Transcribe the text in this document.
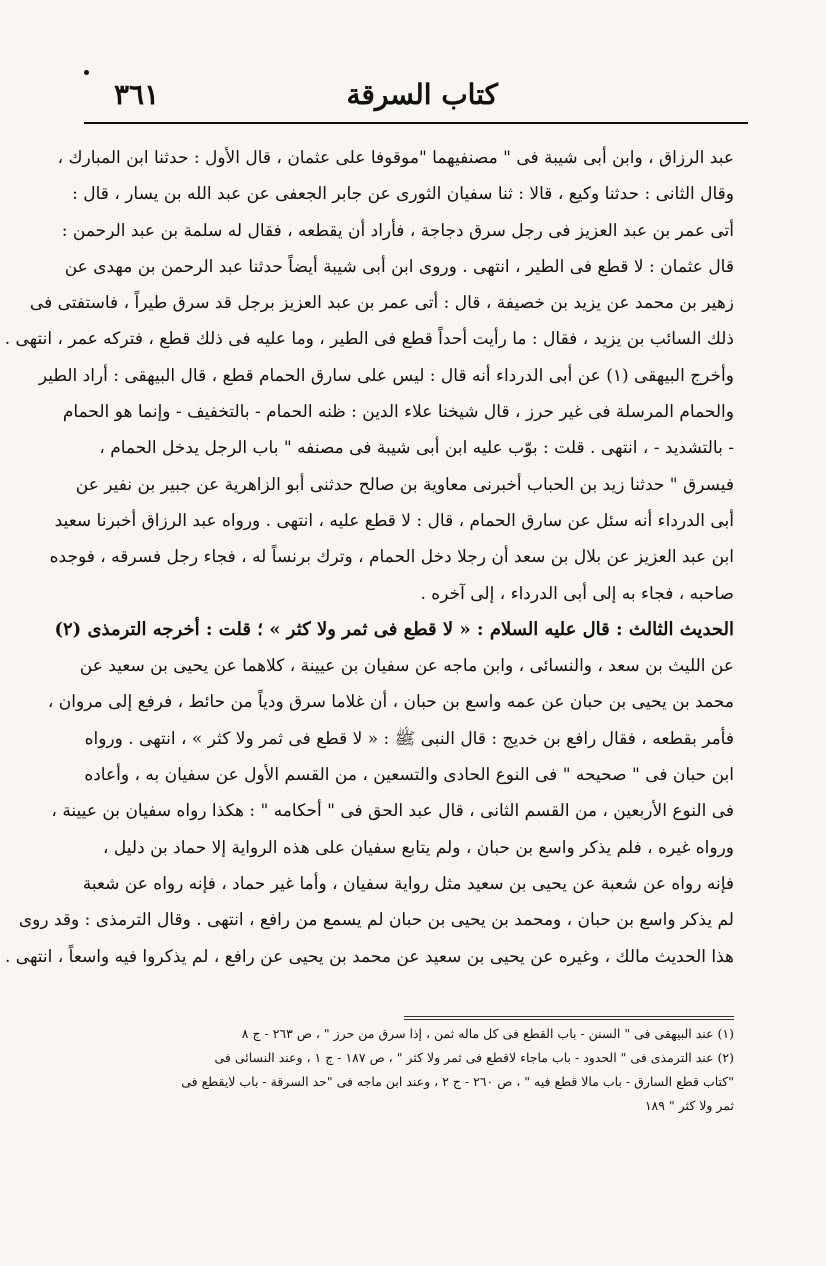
٣٦١	كتاب السرقة
عبد الرزاق ، وابن أبى شيبة فى " مصنفيهما "موقوفا على عثمان ، قال الأول : حدثنا ابن المبارك ،
وقال الثانى : حدثنا وكيع ، قالا : ثنا سفيان الثورى عن جابر الجعفى عن عبد الله بن يسار ، قال :
أتى عمر بن عبد العزيز فى رجل سرق دجاجة ، فأراد أن يقطعه ، فقال له سلمة بن عبد الرحمن :
قال عثمان : لا قطع فى الطير ، انتهى . وروى ابن أبى شيبة أيضاً حدثنا عبد الرحمن بن مهدى عن
زهير بن محمد عن يزيد بن خصيفة ، قال : أتى عمر بن عبد العزيز برجل قد سرق طيراً ، فاستفتى فى
ذلك السائب بن يزيد ، فقال : ما رأيت أحداً قطع فى الطير ، وما عليه فى ذلك قطع ، فتركه عمر ، انتهى .
وأخرج البيهقى (١) عن أبى الدرداء أنه قال : ليس على سارق الحمام قطع ، قال البيهقى : أراد الطير
والحمام المرسلة فى غير حرز ، قال شيخنا علاء الدين : ظنه الحمام - بالتخفيف - وإنما هو الحمام
- بالتشديد - ، انتهى . قلت : بوّب عليه ابن أبى شيبة فى مصنفه " باب الرجل يدخل الحمام ،
فيسرق " حدثنا زيد بن الحباب أخبرنى معاوية بن صالح حدثنى أبو الزاهرية عن جبير بن نفير عن
أبى الدرداء أنه سئل عن سارق الحمام ، قال : لا قطع عليه ، انتهى . ورواه عبد الرزاق أخبرنا سعيد
ابن عبد العزيز عن بلال بن سعد أن رجلا دخل الحمام ، وترك برنساً له ، فجاء رجل فسرقه ، فوجده
صاحبه ، فجاء به إلى أبى الدرداء ، إلى آخره .
الحديث الثالث : قال عليه السلام : « لا قطع فى ثمر ولا كثر » ؛ قلت : أخرجه الترمذى (٢)
عن الليث بن سعد ، والنسائى ، وابن ماجه عن سفيان بن عيينة ، كلاهما عن يحيى بن سعيد عن
محمد بن يحيى بن حبان عن عمه واسع بن حبان ، أن غلاما سرق ودياً من حائط ، فرفع إلى مروان ،
فأمر بقطعه ، فقال رافع بن خديج : قال النبى ﷺ : « لا قطع فى ثمر ولا كثر » ، انتهى . ورواه
ابن حبان فى " صحيحه " فى النوع الحادى والتسعين ، من القسم الأول عن سفيان به ، وأعاده
فى النوع الأربعين ، من القسم الثانى ، قال عبد الحق فى " أحكامه " : هكذا رواه سفيان بن عيينة ،
ورواه غيره ، فلم يذكر واسع بن حبان ، ولم يتابع سفيان على هذه الرواية إلا حماد بن دليل ،
فإنه رواه عن شعبة عن يحيى بن سعيد مثل رواية سفيان ، وأما غير حماد ، فإنه رواه عن شعبة
لم يذكر واسع بن حبان ، ومحمد بن يحيى بن حبان لم يسمع من رافع ، انتهى . وقال الترمذى : وقد روى
هذا الحديث مالك ، وغيره عن يحيى بن سعيد عن محمد بن يحيى عن رافع ، لم يذكروا فيه واسعاً ، انتهى .
(١) عند البيهقى فى " السنن - باب القطع فى كل ماله ثمن ، إذا سرق من حرز " ، ص ٢٦٣ - ج ٨
(٢) عند الترمذى فى " الحدود - باب ماجاء لاقطع فى ثمر ولا كثر " ، ص ١٨٧ - ج ١ ، وعند النسائى فى
"كتاب قطع السارق - باب مالا قطع فيه " ، ص ٢٦٠ - ج ٢ ، وعند ابن ماجه فى "حد السرقة - باب لايقطع فى
ثمر ولا كثر " ١٨٩
